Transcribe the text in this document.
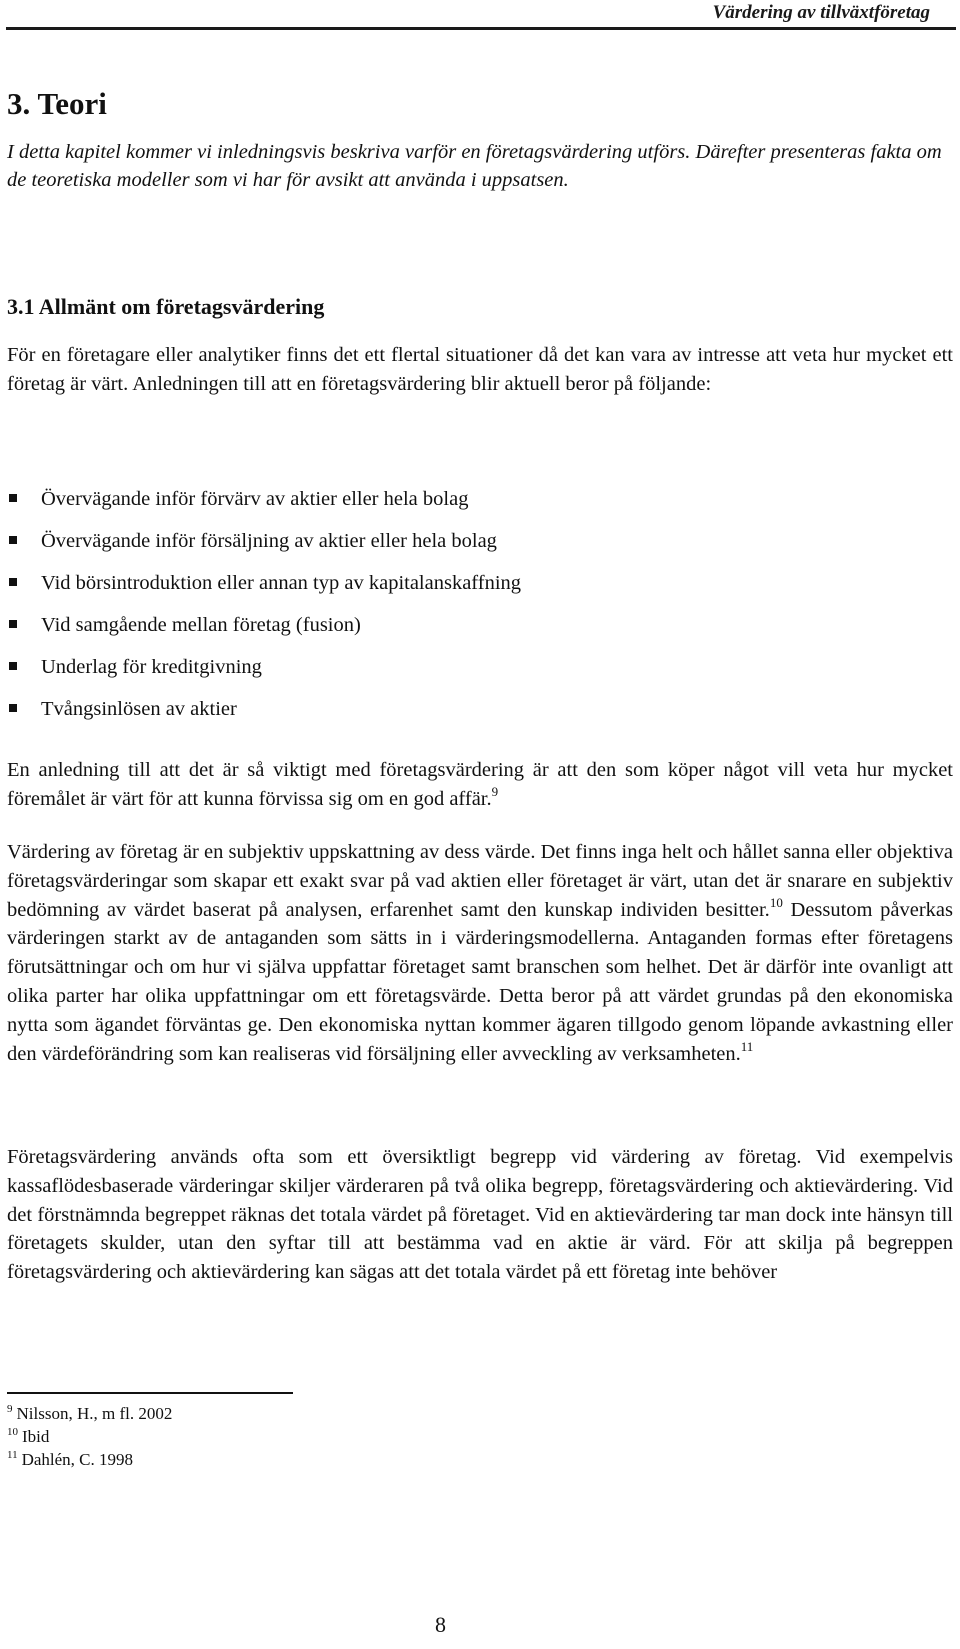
Värdering av tillväxtföretag
3. Teori

I detta kapitel kommer vi inledningsvis beskriva varför en företagsvärdering utförs. Därefter presenteras fakta om de teoretiska modeller som vi har för avsikt att använda i uppsatsen.

3.1 Allmänt om företagsvärdering

För en företagare eller analytiker finns det ett flertal situationer då det kan vara av intresse att veta hur mycket ett företag är värt. Anledningen till att en företagsvärdering blir aktuell beror på följande:

Övervägande inför förvärv av aktier eller hela bolag
Övervägande inför försäljning av aktier eller hela bolag
Vid börsintroduktion eller annan typ av kapitalanskaffning
Vid samgående mellan företag (fusion)
Underlag för kreditgivning
Tvångsinlösen av aktier

En anledning till att det är så viktigt med företagsvärdering är att den som köper något vill veta hur mycket föremålet är värt för att kunna förvissa sig om en god affär.$^9$

Värdering av företag är en subjektiv uppskattning av dess värde. Det finns inga helt och hållet sanna eller objektiva företagsvärderingar som skapar ett exakt svar på vad aktien eller företaget är värt, utan det är snarare en subjektiv bedömning av värdet baserat på analysen, erfarenhet samt den kunskap individen besitter.$^{10}$ Dessutom påverkas värderingen starkt av de antaganden som sätts in i värderingsmodellerna. Antaganden formas efter företagens förutsättningar och om hur vi själva uppfattar företaget samt branschen som helhet. Det är därför inte ovanligt att olika parter har olika uppfattningar om ett företagsvärde. Detta beror på att värdet grundas på den ekonomiska nytta som ägandet förväntas ge. Den ekonomiska nyttan kommer ägaren tillgodo genom löpande avkastning eller den värdeförändring som kan realiseras vid försäljning eller avveckling av verksamheten.$^{11}$

Företagsvärdering används ofta som ett översiktligt begrepp vid värdering av företag. Vid exempelvis kassaflödesbaserade värderingar skiljer värderaren på två olika begrepp, företagsvärdering och aktievärdering. Vid det förstnämnda begreppet räknas det totala värdet på företaget. Vid en aktievärdering tar man dock inte hänsyn till företagets skulder, utan den syftar till att bestämma vad en aktie är värd. För att skilja på begreppen företagsvärdering och aktievärdering kan sägas att det totala värdet på ett företag inte behöver

$^9$ Nilsson, H., m fl. 2002
$^{10}$ Ibid
$^{11}$ Dahlén, C. 1998
8
